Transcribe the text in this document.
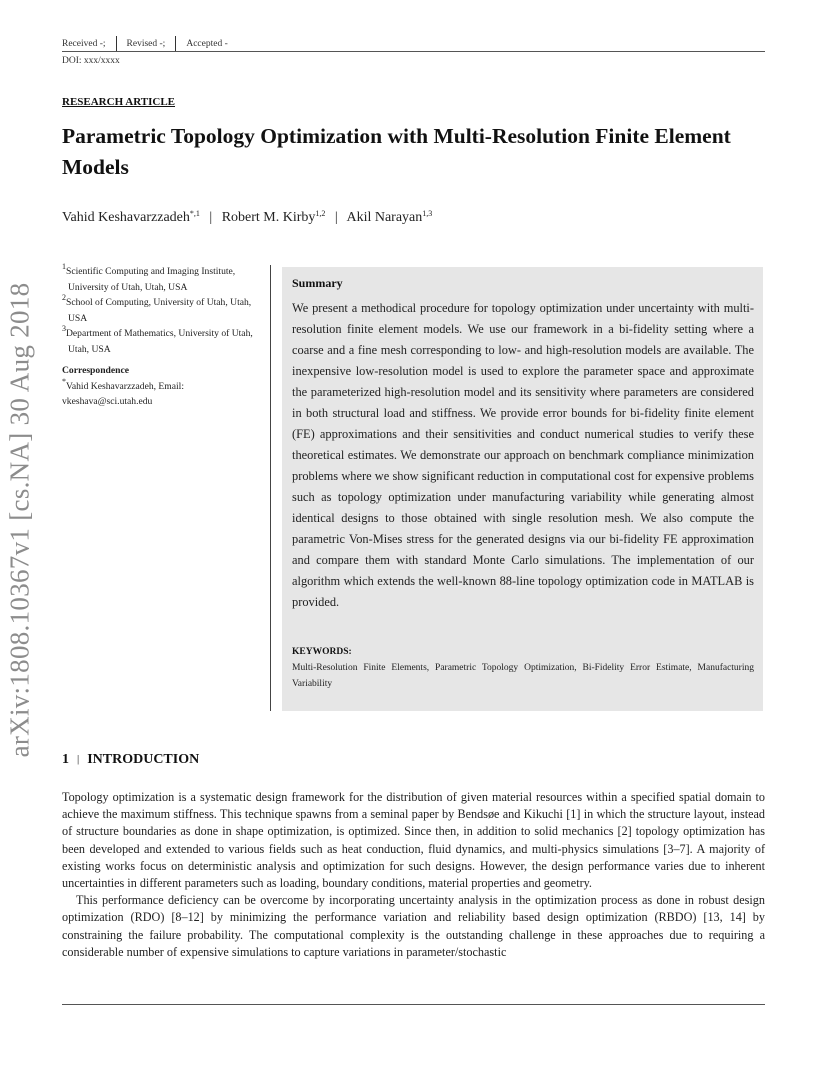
Received -; Revised -; Accepted -
DOI: xxx/xxxx
RESEARCH ARTICLE
Parametric Topology Optimization with Multi-Resolution Finite Element Models
Vahid Keshavarzzadeh$^{*,1}$ | Robert M. Kirby$^{1,2}$ | Akil Narayan$^{1,3}$
arXiv:1808.10367v1 [cs.NA] 30 Aug 2018
$^1$Scientific Computing and Imaging Institute, University of Utah, Utah, USA
$^2$School of Computing, University of Utah, Utah, USA
$^3$Department of Mathematics, University of Utah, Utah, USA
Correspondence
*Vahid Keshavarzzadeh, Email: vkeshava@sci.utah.edu
Summary

We present a methodical procedure for topology optimization under uncertainty with multi-resolution finite element models. We use our framework in a bi-fidelity setting where a coarse and a fine mesh corresponding to low- and high-resolution models are available. The inexpensive low-resolution model is used to explore the parameter space and approximate the parameterized high-resolution model and its sensitivity where parameters are considered in both structural load and stiffness. We provide error bounds for bi-fidelity finite element (FE) approximations and their sensitivities and conduct numerical studies to verify these theoretical estimates. We demonstrate our approach on benchmark compliance minimization problems where we show significant reduction in computational cost for expensive problems such as topology optimization under manufacturing variability while generating almost identical designs to those obtained with single resolution mesh. We also compute the parametric Von-Mises stress for the generated designs via our bi-fidelity FE approximation and compare them with standard Monte Carlo simulations. The implementation of our algorithm which extends the well-known 88-line topology optimization code in MATLAB is provided.

KEYWORDS:
Multi-Resolution Finite Elements, Parametric Topology Optimization, Bi-Fidelity Error Estimate, Manufacturing Variability
1 | INTRODUCTION

Topology optimization is a systematic design framework for the distribution of given material resources within a specified spatial domain to achieve the maximum stiffness. This technique spawns from a seminal paper by Bendsøe and Kikuchi [1] in which the structure layout, instead of structure boundaries as done in shape optimization, is optimized. Since then, in addition to solid mechanics [2] topology optimization has been developed and extended to various fields such as heat conduction, fluid dynamics, and multi-physics simulations [3–7]. A majority of existing works focus on deterministic analysis and optimization for such designs. However, the design performance varies due to inherent uncertainties in different parameters such as loading, boundary conditions, material properties and geometry.

This performance deficiency can be overcome by incorporating uncertainty analysis in the optimization process as done in robust design optimization (RDO) [8–12] by minimizing the performance variation and reliability based design optimization (RBDO) [13, 14] by constraining the failure probability. The computational complexity is the outstanding challenge in these approaches due to requiring a considerable number of expensive simulations to capture variations in parameter/stochastic
